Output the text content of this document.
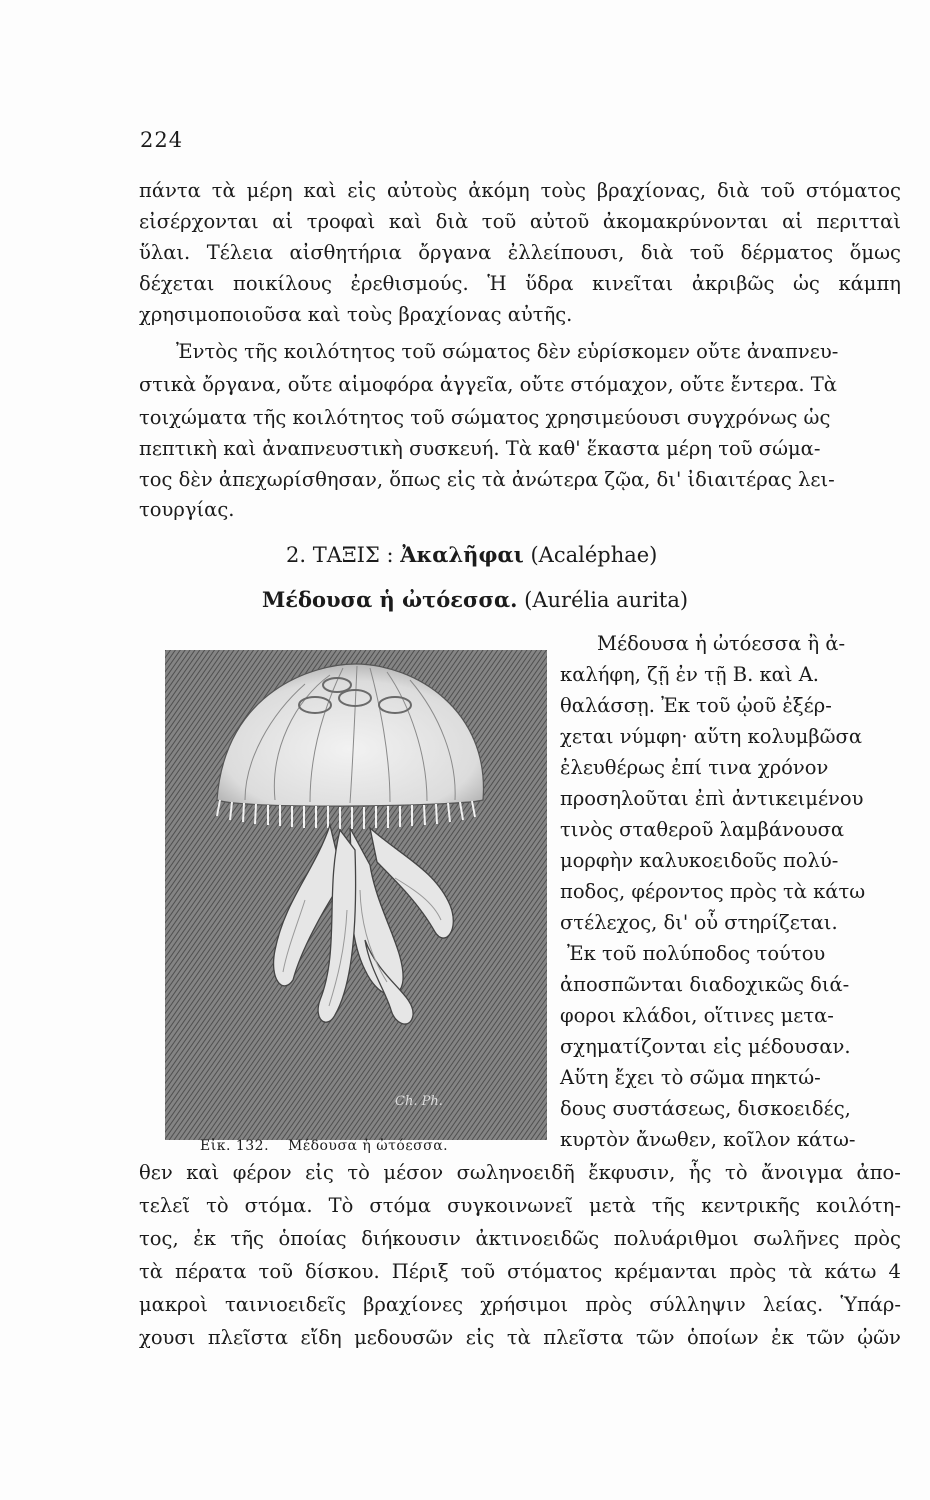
224
πάντα τὰ μέρη καὶ εἰς αὐτοὺς ἀκόμη τοὺς βραχίονας, διὰ τοῦ στόματος
εἰσέρχονται αἱ τροφαὶ καὶ διὰ τοῦ αὐτοῦ ἀκομακρύνονται αἱ περιτταὶ
ὕλαι. Τέλεια αἰσθητήρια ὄργανα ἐλλείπουσι, διὰ τοῦ δέρματος ὅμως
δέχεται ποικίλους ἐρεθισμούς. Ἡ ὕδρα κινεῖται ἀκριβῶς ὡς κάμπη
χρησιμοποιοῦσα καὶ τοὺς βραχίονας αὐτῆς.
Ἐντὸς τῆς κοιλότητος τοῦ σώματος δὲν εὑρίσκομεν οὔτε ἀναπνευ-
στικὰ ὄργανα, οὔτε αἱμοφόρα ἀγγεῖα, οὔτε στόμαχον, οὔτε ἔντερα. Τὰ
τοιχώματα τῆς κοιλότητος τοῦ σώματος χρησιμεύουσι συγχρόνως ὡς
πεπτικὴ καὶ ἀναπνευστικὴ συσκευή. Τὰ καθ' ἕκαστα μέρη τοῦ σώμα-
τος δὲν ἀπεχωρίσθησαν, ὅπως εἰς τὰ ἀνώτερα ζῷα, δι' ἰδιαιτέρας λει-
τουργίας.
2. ΤΑΞΙΣ : Ἀκαλῆφαι (Acaléphae)
Μέδουσα ἡ ὠτόεσσα. (Aurélia aurita)
Μέδουσα ἡ ὠτόεσσα ἢ ἀ-
καλήφη, ζῇ ἐν τῇ Β. καὶ Α.
θαλάσσῃ. Ἐκ τοῦ ᾠοῦ ἐξέρ-
χεται νύμφη· αὕτη κολυμβῶσα
ἐλευθέρως ἐπί τινα χρόνον
προσηλοῦται ἐπὶ ἀντικειμένου
τινὸς σταθεροῦ λαμβάνουσα
μορφὴν καλυκοειδοῦς πολύ-
ποδος, φέροντος πρὸς τὰ κάτω
στέλεχος, δι' οὗ στηρίζεται.
Ἐκ τοῦ πολύποδος τούτου
ἀποσπῶνται διαδοχικῶς διά-
φοροι κλάδοι, οἵτινες μετα-
σχηματίζονται εἰς μέδουσαν.
Αὕτη ἔχει τὸ σῶμα πηκτώ-
δους συστάσεως, δισκοειδές,
κυρτὸν ἄνωθεν, κοῖλον κάτω-
Ch. Ph.
Εἰκ. 132. Μέδουσα ἡ ὠτόεσσα.
θεν καὶ φέρον εἰς τὸ μέσον σωληνοειδῆ ἔκφυσιν, ἧς τὸ ἄνοιγμα ἀπο-
τελεῖ τὸ στόμα. Τὸ στόμα συγκοινωνεῖ μετὰ τῆς κεντρικῆς κοιλότη-
τος, ἐκ τῆς ὁποίας διήκουσιν ἀκτινοειδῶς πολυάριθμοι σωλῆνες πρὸς
τὰ πέρατα τοῦ δίσκου. Πέριξ τοῦ στόματος κρέμανται πρὸς τὰ κάτω 4
μακροὶ ταινιοειδεῖς βραχίονες χρήσιμοι πρὸς σύλληψιν λείας. Ὑπάρ-
χουσι πλεῖστα εἴδη μεδουσῶν εἰς τὰ πλεῖστα τῶν ὁποίων ἐκ τῶν ᾠῶν
